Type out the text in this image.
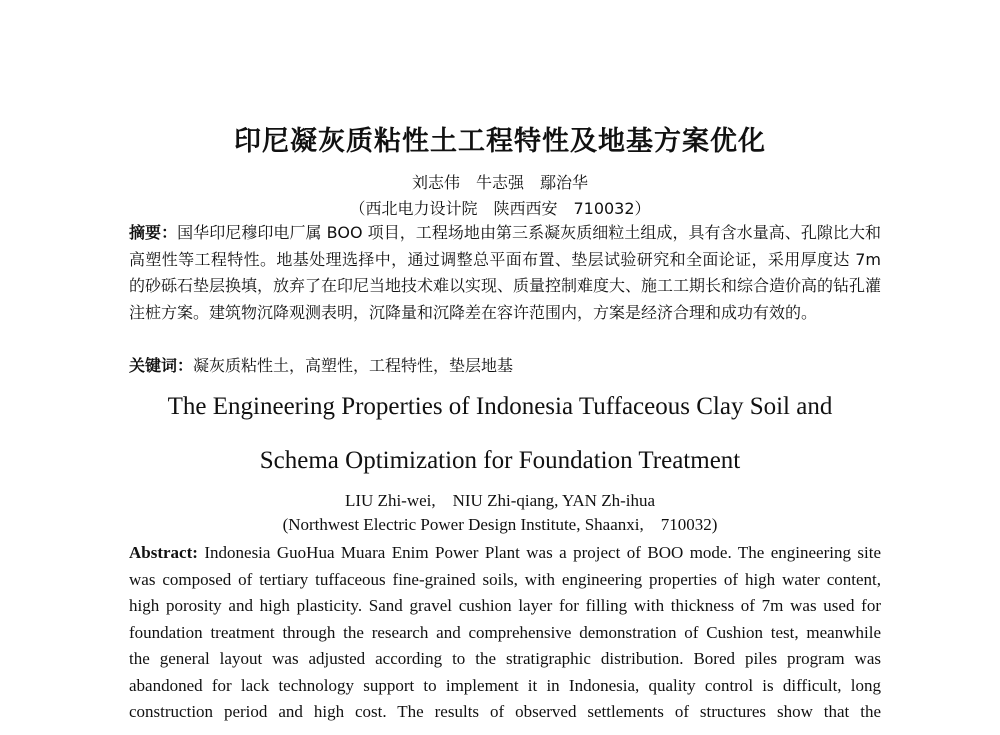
印尼凝灰质粘性土工程特性及地基方案优化
刘志伟　牛志强　鄢治华
（西北电力设计院　陕西西安　710032）
摘要：国华印尼穆印电厂属 BOO 项目，工程场地由第三系凝灰质细粒土组成，具有含水量高、孔隙比大和高塑性等工程特性。地基处理选择中，通过调整总平面布置、垫层试验研究和全面论证，采用厚度达 7m 的砂砾石垫层换填，放弃了在印尼当地技术难以实现、质量控制难度大、施工工期长和综合造价高的钻孔灌注桩方案。建筑物沉降观测表明，沉降量和沉降差在容许范围内，方案是经济合理和成功有效的。
关键词：凝灰质粘性土，高塑性，工程特性，垫层地基
The Engineering Properties of Indonesia Tuffaceous Clay Soil and
Schema Optimization for Foundation Treatment
LIU Zhi-wei,　NIU Zhi-qiang, YAN Zh-ihua
(Northwest Electric Power Design Institute, Shaanxi,　710032)
Abstract: Indonesia GuoHua Muara Enim Power Plant was a project of BOO mode. The engineering site
was composed of tertiary tuffaceous fine-grained soils, with engineering properties of high water content,
high porosity and high plasticity. Sand gravel cushion layer for filling with thickness of 7m was used for
foundation treatment through the research and comprehensive demonstration of Cushion test, meanwhile
the general layout was adjusted according to the stratigraphic distribution. Bored piles program was
abandoned for lack technology support to implement it in Indonesia, quality control is difficult, long
construction period and high cost. The results of observed settlements of structures show that the
